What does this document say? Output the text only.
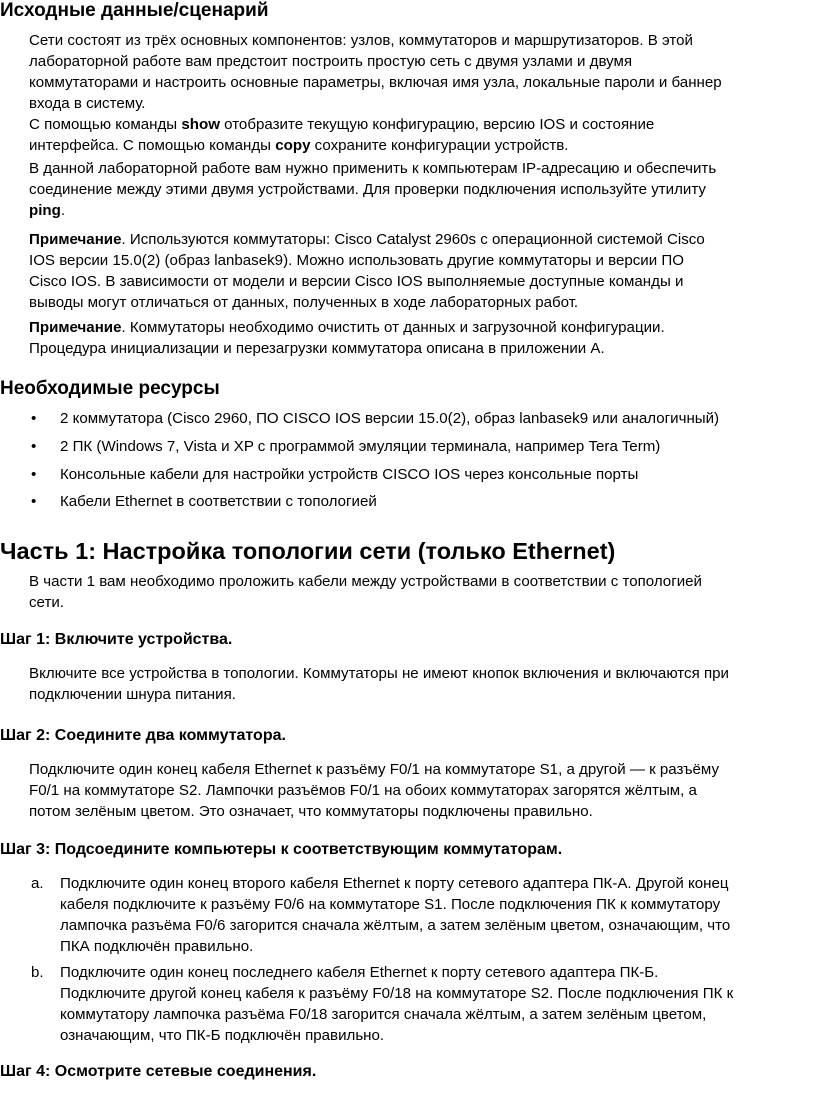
Исходные данные/сценарий
Сети состоят из трёх основных компонентов: узлов, коммутаторов и маршрутизаторов. В этой
лабораторной работе вам предстоит построить простую сеть с двумя узлами и двумя
коммутаторами и настроить основные параметры, включая имя узла, локальные пароли и баннер
входа в систему.
С помощью команды show отобразите текущую конфигурацию, версию IOS и состояние
интерфейса. С помощью команды copy сохраните конфигурации устройств.
В данной лабораторной работе вам нужно применить к компьютерам IP-адресацию и обеспечить
соединение между этими двумя устройствами. Для проверки подключения используйте утилиту
ping.
Примечание. Используются коммутаторы: Cisco Catalyst 2960s с операционной системой Cisco
IOS версии 15.0(2) (образ lanbasek9). Можно использовать другие коммутаторы и версии ПО
Cisco IOS. В зависимости от модели и версии Cisco IOS выполняемые доступные команды и
выводы могут отличаться от данных, полученных в ходе лабораторных работ.
Примечание. Коммутаторы необходимо очистить от данных и загрузочной конфигурации.
Процедура инициализации и перезагрузки коммутатора описана в приложении А.
Необходимые ресурсы
• 2 коммутатора (Cisco 2960, ПО CISCO IOS версии 15.0(2), образ lanbasek9 или аналогичный)
• 2 ПК (Windows 7, Vista и XP с программой эмуляции терминала, например Tera Term)
• Консольные кабели для настройки устройств CISCO IOS через консольные порты
• Кабели Ethernet в соответствии с топологией
Часть 1: Настройка топологии сети (только Ethernet)
В части 1 вам необходимо проложить кабели между устройствами в соответствии с топологией
сети.
Шаг 1: Включите устройства.
Включите все устройства в топологии. Коммутаторы не имеют кнопок включения и включаются при
подключении шнура питания.
Шаг 2: Соедините два коммутатора.
Подключите один конец кабеля Ethernet к разъёму F0/1 на коммутаторе S1, а другой — к разъёму
F0/1 на коммутаторе S2. Лампочки разъёмов F0/1 на обоих коммутаторах загорятся жёлтым, а
потом зелёным цветом. Это означает, что коммутаторы подключены правильно.
Шаг 3: Подсоедините компьютеры к соответствующим коммутаторам.
a. Подключите один конец второго кабеля Ethernet к порту сетевого адаптера ПК-А. Другой конец
кабеля подключите к разъёму F0/6 на коммутаторе S1. После подключения ПК к коммутатору
лампочка разъёма F0/6 загорится сначала жёлтым, а затем зелёным цветом, означающим, что
ПКА подключён правильно.
b. Подключите один конец последнего кабеля Ethernet к порту сетевого адаптера ПК-Б.
Подключите другой конец кабеля к разъёму F0/18 на коммутаторе S2. После подключения ПК к
коммутатору лампочка разъёма F0/18 загорится сначала жёлтым, а затем зелёным цветом,
означающим, что ПК-Б подключён правильно.
Шаг 4: Осмотрите сетевые соединения.
